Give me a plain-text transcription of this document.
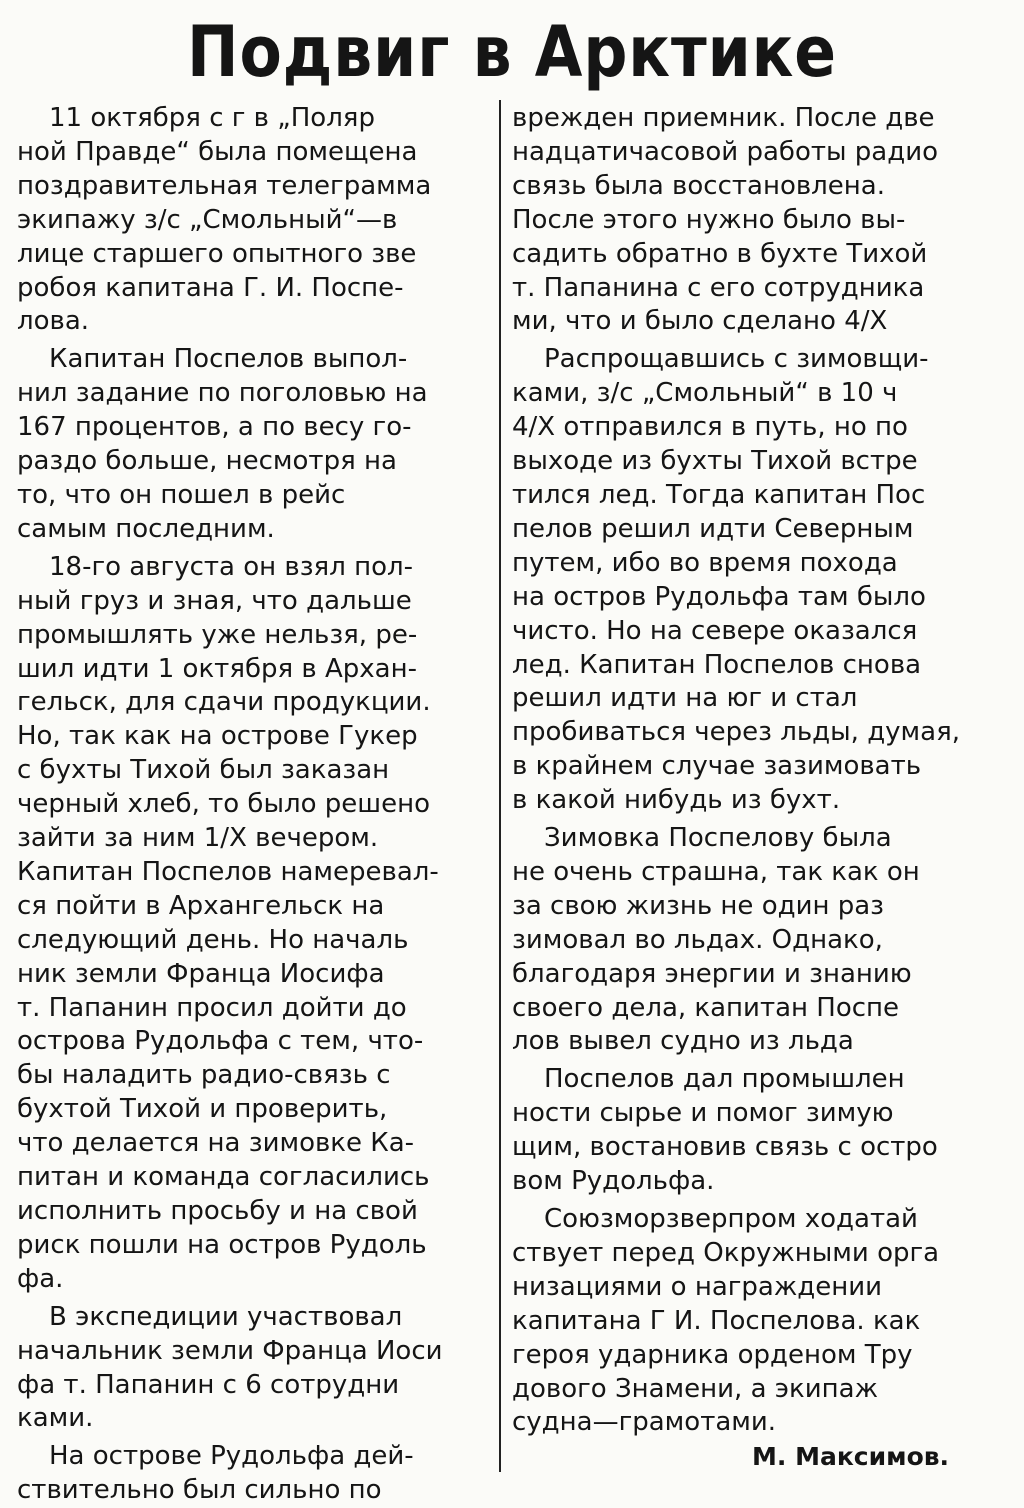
Подвиг в Арктике

11 октября с г в „Поляр
ной Правде“ была помещена
поздравительная телеграмма
экипажу з/с „Смольный“—в
лице старшего опытного зве
робоя капитана Г. И. Поспе-
лова.

Капитан Поспелов выпол-
нил задание по поголовью на
167 процентов, а по весу го-
раздо больше, несмотря на
то, что он пошел в рейс
самым последним.

18-го августа он взял пол-
ный груз и зная, что дальше
промышлять уже нельзя, ре-
шил идти 1 октября в Архан-
гельск, для сдачи продукции.
Но, так как на острове Гукер
с бухты Тихой был заказан
черный хлеб, то было решено
зайти за ним 1/X вечером.
Капитан Поспелов намеревал-
ся пойти в Архангельск на
следующий день. Но началь
ник земли Франца Иосифа
т. Папанин просил дойти до
острова Рудольфа с тем, что-
бы наладить радио-связь с
бухтой Тихой и проверить,
что делается на зимовке Ка-
питан и команда согласились
исполнить просьбу и на свой
риск пошли на остров Рудоль
фа.

В экспедиции участвовал
начальник земли Франца Иоси
фа т. Папанин с 6 сотрудни
ками.

На острове Рудольфа дей-
ствительно был сильно по

врежден приемник. После две
надцатичасовой работы радио
связь была восстановлена.
После этого нужно было вы-
садить обратно в бухте Тихой
т. Папанина с его сотрудника
ми, что и было сделано 4/X

Распрощавшись с зимовщи-
ками, з/с „Смольный“ в 10 ч
4/X отправился в путь, но по
выходе из бухты Тихой встре
тился лед. Тогда капитан Пос
пелов решил идти Северным
путем, ибо во время похода
на остров Рудольфа там было
чисто. Но на севере оказался
лед. Капитан Поспелов снова
решил идти на юг и стал
пробиваться через льды, думая,
в крайнем случае зазимовать
в какой нибудь из бухт.

Зимовка Поспелову была
не очень страшна, так как он
за свою жизнь не один раз
зимовал во льдах. Однако,
благодаря энергии и знанию
своего дела, капитан Поспе
лов вывел судно из льда

Поспелов дал промышлен
ности сырье и помог зимую
щим, востановив связь с остро
вом Рудольфа.

Союзморзверпром ходатай
ствует перед Окружными орга
низациями о награждении
капитана Г И. Поспелова. как
героя ударника орденом Тру
дового Знамени, а экипаж
судна—грамотами.

М. Максимов.
